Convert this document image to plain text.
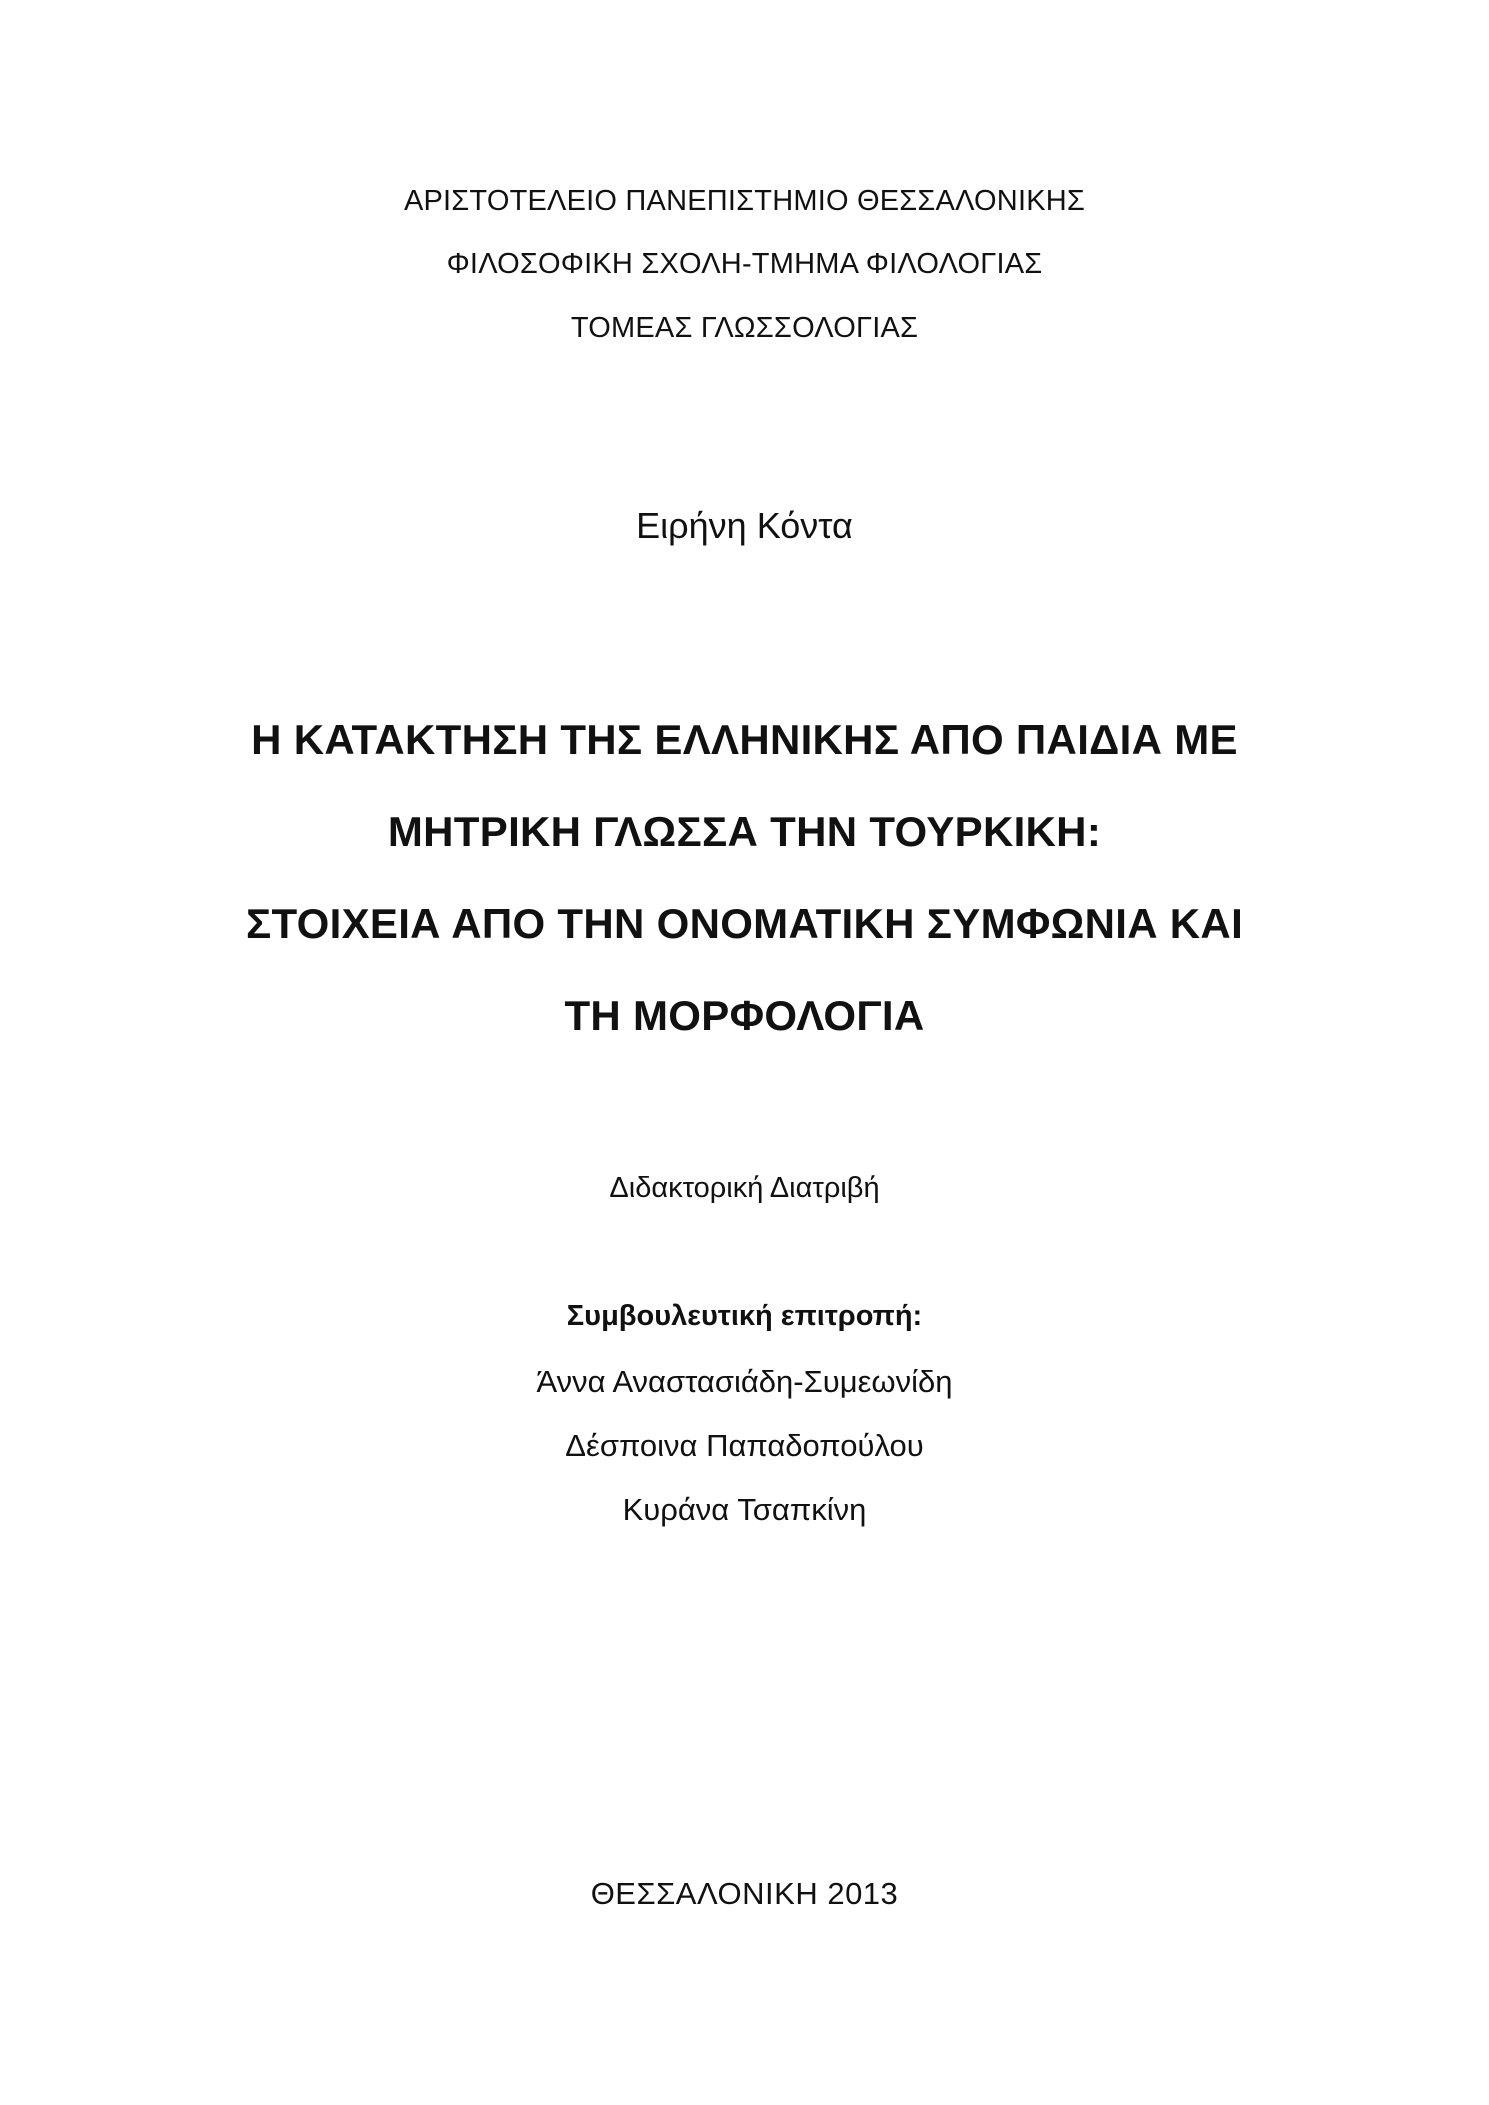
ΑΡΙΣΤΟΤΕΛΕΙΟ ΠΑΝΕΠΙΣΤΗΜΙΟ ΘΕΣΣΑΛΟΝΙΚΗΣ
ΦΙΛΟΣΟΦΙΚΗ ΣΧΟΛΗ-ΤΜΗΜΑ ΦΙΛΟΛΟΓΙΑΣ
ΤΟΜΕΑΣ ΓΛΩΣΣΟΛΟΓΙΑΣ
Ειρήνη Κόντα
Η ΚΑΤΑΚΤΗΣΗ ΤΗΣ ΕΛΛΗΝΙΚΗΣ ΑΠΟ ΠΑΙΔΙΑ ΜΕ
ΜΗΤΡΙΚΗ ΓΛΩΣΣΑ ΤΗΝ ΤΟΥΡΚΙΚΗ:
ΣΤΟΙΧΕΙΑ ΑΠΟ ΤΗΝ ΟΝΟΜΑΤΙΚΗ ΣΥΜΦΩΝΙΑ ΚΑΙ
ΤΗ ΜΟΡΦΟΛΟΓΙΑ
Διδακτορική Διατριβή
Συμβουλευτική επιτροπή:
Άννα Αναστασιάδη-Συμεωνίδη
Δέσποινα Παπαδοπούλου
Κυράνα Τσαπκίνη
ΘΕΣΣΑΛΟΝΙΚΗ 2013
